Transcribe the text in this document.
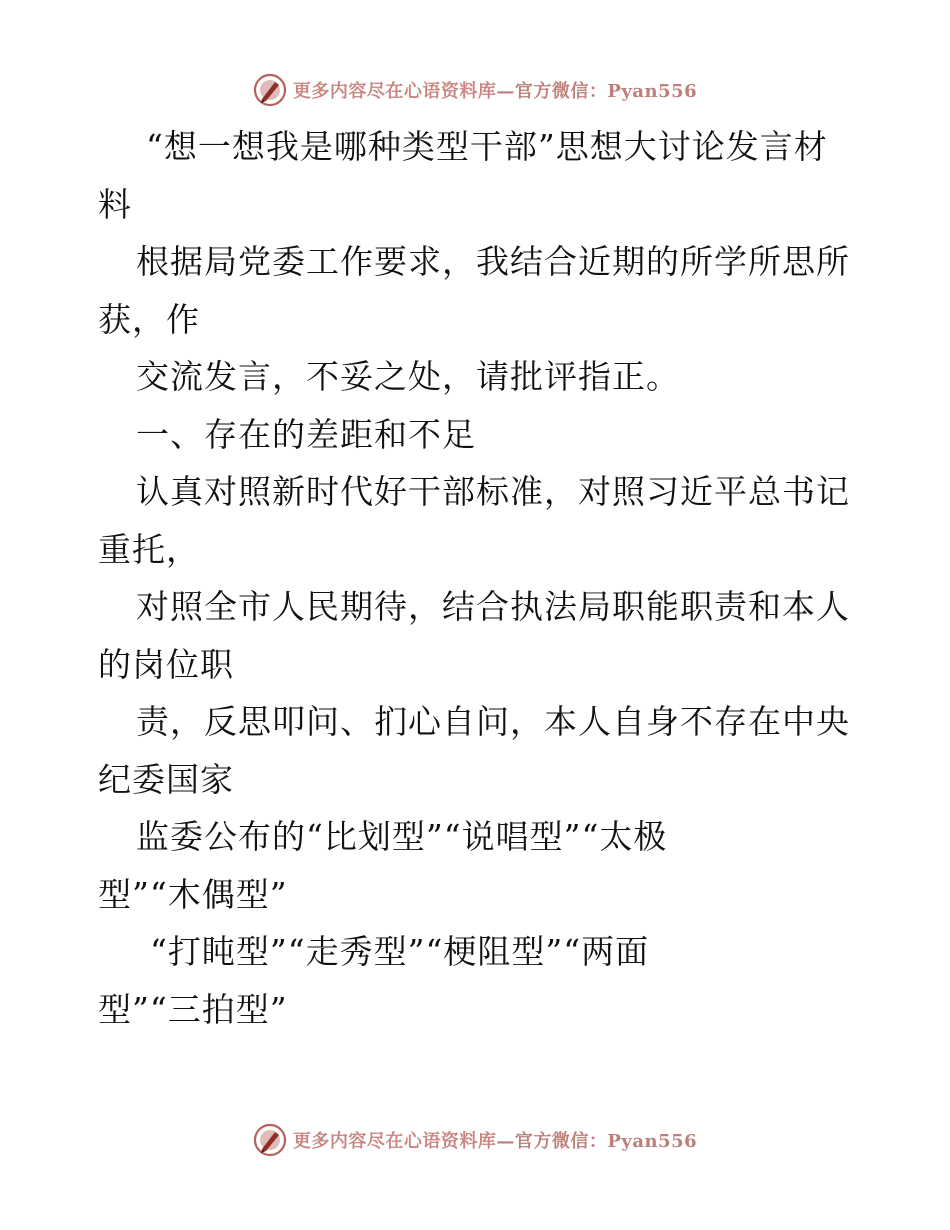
更多内容尽在心语资料库—官方微信：Pyan556
“想一想我是哪种类型干部”思想大讨论发言材
料
根据局党委工作要求，我结合近期的所学所思所
获，作
交流发言，不妥之处，请批评指正。
一、存在的差距和不足
认真对照新时代好干部标准，对照习近平总书记
重托，
对照全市人民期待，结合执法局职能职责和本人
的岗位职
责，反思叩问、扪心自问，本人自身不存在中央
纪委国家
监委公布的“比划型”“说唱型”“太极
型”“木偶型”
“打盹型”“走秀型”“梗阻型”“两面
型”“三拍型”
更多内容尽在心语资料库—官方微信：Pyan556
